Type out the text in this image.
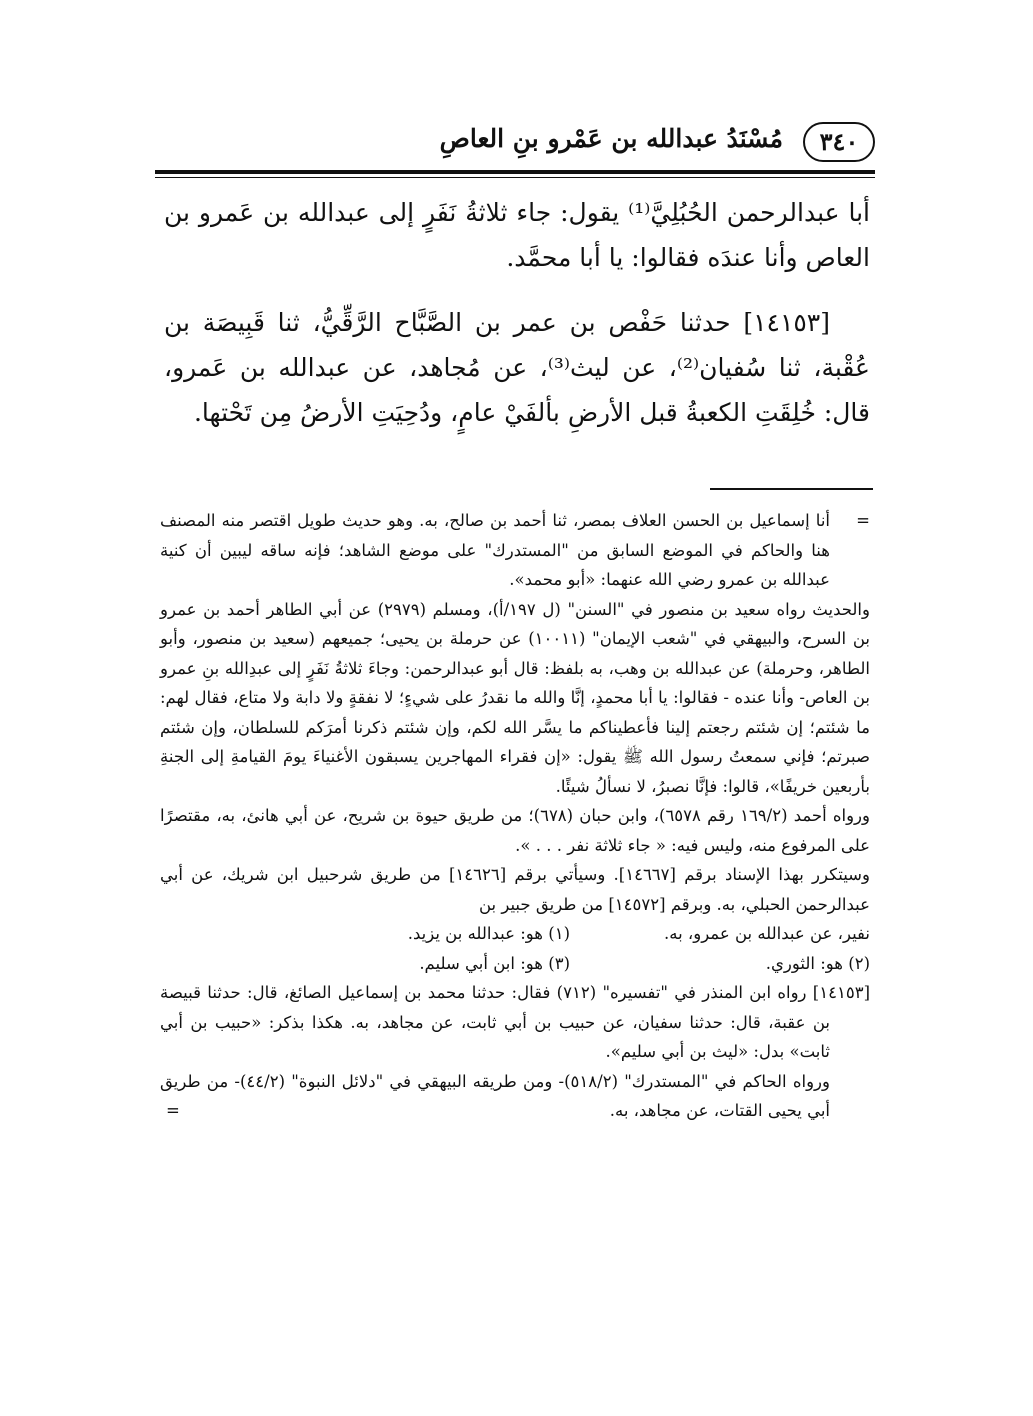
٣٤٠
مُسْنَدُ عبدالله بن عَمْرو بنِ العاصِ

أبا عبدالرحمن الحُبُلِيَّ⁽¹⁾ يقول: جاء ثلاثةُ نَفَرٍ إلى عبدالله بن عَمرو بن العاص وأنا عندَه فقالوا: يا أبا محمَّد.

[١٤١٥٣] حدثنا حَفْص بن عمر بن الصَّبَّاح الرَّقِّيُّ، ثنا قَبِيصَة بن عُقْبة، ثنا سُفيان⁽²⁾، عن ليث⁽³⁾، عن مُجاهد، عن عبدالله بن عَمرو، قال: خُلِقَتِ الكعبةُ قبل الأرضِ بألفَيْ عامٍ، ودُحِيَتِ الأرضُ مِن تَحْتها.

=
أنا إسماعيل بن الحسن العلاف بمصر، ثنا أحمد بن صالح، به. وهو حديث طويل اقتصر منه المصنف هنا والحاكم في الموضع السابق من "المستدرك" على موضع الشاهد؛ فإنه ساقه ليبين أن كنية عبدالله بن عمرو رضي الله عنهما: «أبو محمد».

والحديث رواه سعيد بن منصور في "السنن" (ل ١٩٧/أ)، ومسلم (٢٩٧٩) عن أبي الطاهر أحمد بن عمرو بن السرح، والبيهقي في "شعب الإيمان" (١٠٠١١) عن حرملة بن يحيى؛ جميعهم (سعيد بن منصور، وأبو الطاهر، وحرملة) عن عبدالله بن وهب، به بلفظ: قال أبو عبدالرحمن: وجاءَ ثلاثةُ نَفَرٍ إلى عبدِالله بنِ عمرو بن العاص- وأنا عنده - فقالوا: يا أبا محمدٍ، إنَّا والله ما نقدرُ على شيءٍ؛ لا نفقةٍ ولا دابة ولا متاع، فقال لهم: ما شئتم؛ إن شئتم رجعتم إلينا فأعطيناكم ما يسَّر الله لكم، وإن شئتم ذكرنا أمرَكم للسلطان، وإن شئتم صبرتم؛ فإني سمعتُ رسول الله ﷺ يقول: «إن فقراء المهاجرين يسبقون الأغنياءَ يومَ القيامةِ إلى الجنةِ بأربعين خريفًا»، قالوا: فإنَّا نصبرُ، لا نسألُ شيئًا.

ورواه أحمد (١٦٩/٢ رقم ٦٥٧٨)، وابن حبان (٦٧٨)؛ من طريق حيوة بن شريح، عن أبي هانئ، به، مقتصرًا على المرفوع منه، وليس فيه: « جاء ثلاثة نفر . . . ».

وسيتكرر بهذا الإسناد برقم [١٤٦٦٧]. وسيأتي برقم [١٤٦٢٦] من طريق شرحبيل ابن شريك، عن أبي عبدالرحمن الحبلي، به. وبرقم [١٤٥٧٢] من طريق جبير بن

نفير، عن عبدالله بن عمرو، به.
(١) هو: عبدالله بن يزيد.
(٢) هو: الثوري.
(٣) هو: ابن أبي سليم.

[١٤١٥٣] رواه ابن المنذر في "تفسيره" (٧١٢) فقال: حدثنا محمد بن إسماعيل الصائغ، قال: حدثنا قبيصة بن عقبة، قال: حدثنا سفيان، عن حبيب بن أبي ثابت، عن مجاهد، به. هكذا بذكر: «حبيب بن أبي ثابت» بدل: «ليث بن أبي سليم».

ورواه الحاكم في "المستدرك" (٥١٨/٢)- ومن طريقه البيهقي في "دلائل النبوة" (٤٤/٢)- من طريق أبي يحيى القتات، عن مجاهد، به.

=
